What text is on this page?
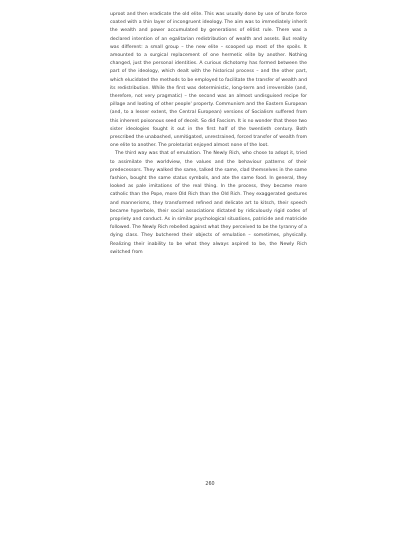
uproot and then eradicate the old elite. This was usually done by use of brute force coated with a thin layer of incongruent ideology. The aim was to immediately inherit the wealth and power accumulated by generations of elitist rule. There was a declared intention of an egalitarian redistribution of wealth and assets. But reality was different: a small group – the new elite – scooped up most of the spoils. It amounted to a surgical replacement of one hermetic elite by another. Nothing changed, just the personal identities. A curious dichotomy has formed between the part of the ideology, which dealt with the historical process – and the other part, which elucidated the methods to be employed to facilitate the transfer of wealth and its redistribution. While the first was deterministic, long-term and irreversible (and, therefore, not very pragmatic) – the second was an almost undisguised recipe for pillage and looting of other people' property. Communism and the Eastern European (and, to a lesser extent, the Central European) versions of Socialism suffered from this inherent poisonous seed of deceit. So did Fascism. It is no wonder that these two sister ideologies fought it out in the first half of the twentieth century. Both prescribed the unabashed, unmitigated, unrestrained, forced transfer of wealth from one elite to another. The proletariat enjoyed almost none of the loot.

The third way was that of emulation. The Newly Rich, who chose to adopt it, tried to assimilate the worldview, the values and the behaviour patterns of their predecessors. They walked the same, talked the same, clad themselves in the same fashion, bought the same status symbols, and ate the same food. In general, they looked as pale imitations of the real thing. In the process, they became more catholic than the Pope, more Old Rich than the Old Rich. They exaggerated gestures and mannerisms, they transformed refined and delicate art to kitsch, their speech became hyperbole, their social associations dictated by ridiculously rigid codes of propriety and conduct. As in similar psychological situations, patricide and matricide followed. The Newly Rich rebelled against what they perceived to be the tyranny of a dying class. They butchered their objects of emulation – sometimes, physically. Realizing their inability to be what they always aspired to be, the Newly Rich switched from

260
